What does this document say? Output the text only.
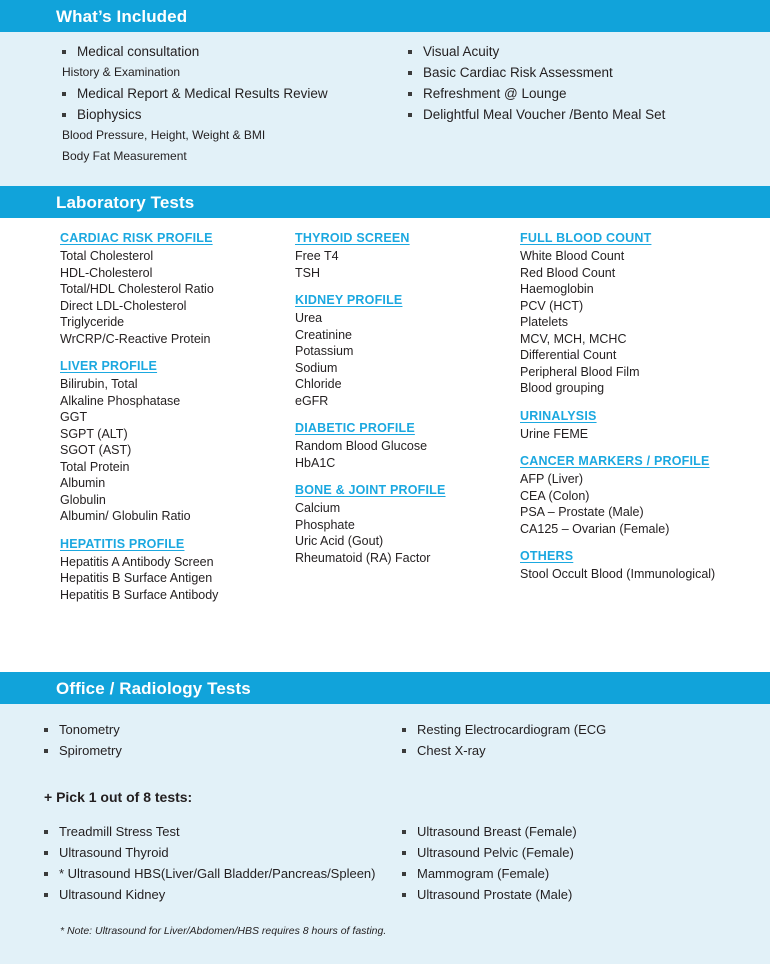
What’s Included
Medical consultation
History & Examination
Medical Report & Medical Results Review
Biophysics
Blood Pressure, Height, Weight & BMI
Body Fat Measurement
Visual Acuity
Basic Cardiac Risk Assessment
Refreshment @ Lounge
Delightful Meal Voucher /Bento Meal Set
Laboratory Tests
CARDIAC RISK PROFILE
Total Cholesterol
HDL-Cholesterol
Total/HDL Cholesterol Ratio
Direct LDL-Cholesterol
Triglyceride
WrCRP/C-Reactive Protein
LIVER PROFILE
Bilirubin, Total
Alkaline Phosphatase
GGT
SGPT (ALT)
SGOT (AST)
Total Protein
Albumin
Globulin
Albumin/ Globulin Ratio
HEPATITIS PROFILE
Hepatitis A Antibody Screen
Hepatitis B Surface Antigen
Hepatitis B Surface Antibody
THYROID SCREEN
Free T4
TSH
KIDNEY PROFILE
Urea
Creatinine
Potassium
Sodium
Chloride
eGFR
DIABETIC PROFILE
Random Blood Glucose
HbA1C
BONE & JOINT PROFILE
Calcium
Phosphate
Uric Acid (Gout)
Rheumatoid (RA) Factor
FULL BLOOD COUNT
White Blood Count
Red Blood Count
Haemoglobin
PCV (HCT)
Platelets
MCV, MCH, MCHC
Differential Count
Peripheral Blood Film
Blood grouping
URINALYSIS
Urine FEME
CANCER MARKERS / PROFILE
AFP (Liver)
CEA (Colon)
PSA – Prostate (Male)
CA125 – Ovarian (Female)
OTHERS
Stool Occult Blood (Immunological)
Office / Radiology Tests
Tonometry
Spirometry
Resting Electrocardiogram (ECG
Chest X-ray
+ Pick 1 out of 8 tests:
Treadmill Stress Test
Ultrasound Thyroid
* Ultrasound HBS(Liver/Gall Bladder/Pancreas/Spleen)
Ultrasound Kidney
Ultrasound Breast (Female)
Ultrasound Pelvic (Female)
Mammogram (Female)
Ultrasound Prostate (Male)
* Note: Ultrasound for Liver/Abdomen/HBS requires 8 hours of fasting.
